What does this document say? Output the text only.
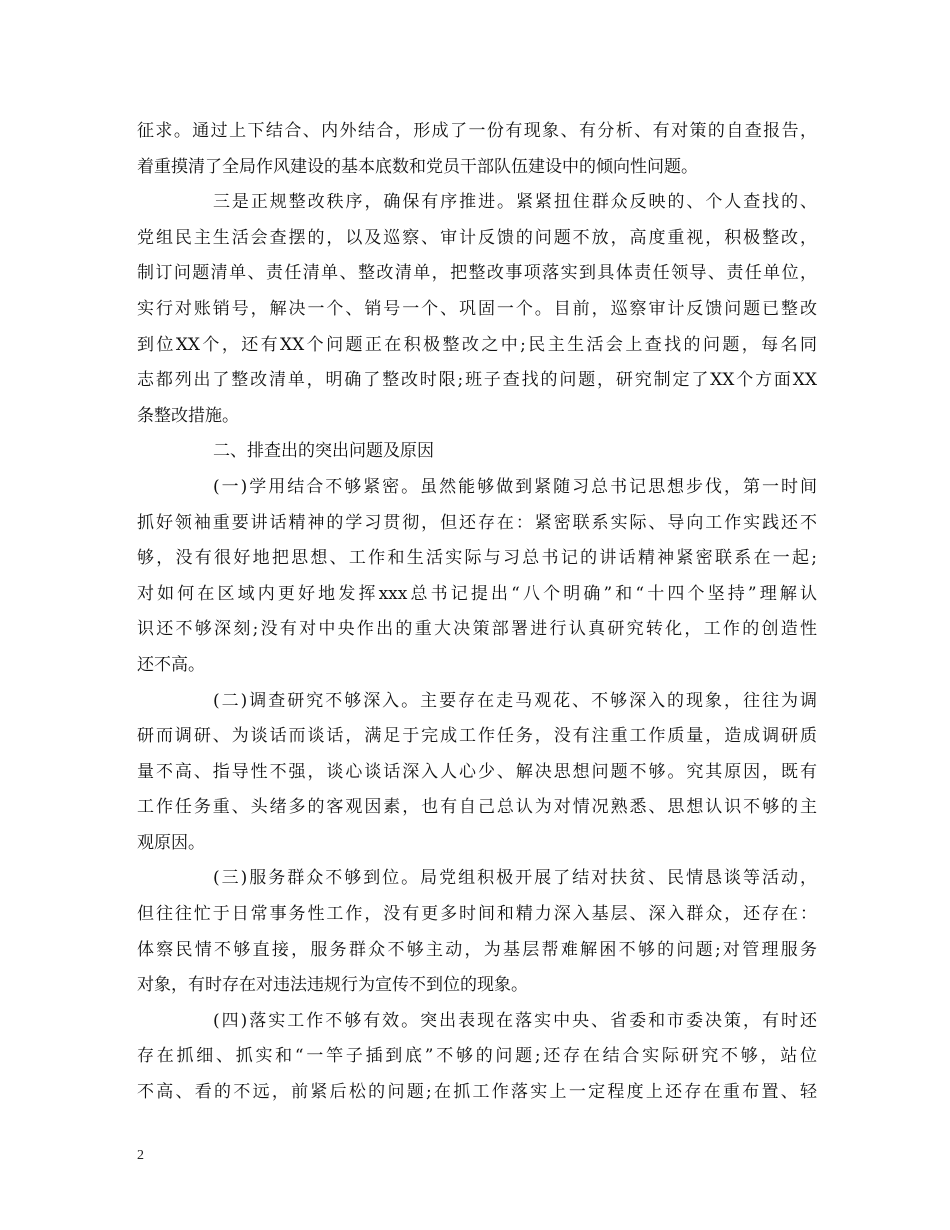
征求。通过上下结合、内外结合，形成了一份有现象、有分析、有对策的自查报告，
着重摸清了全局作风建设的基本底数和党员干部队伍建设中的倾向性问题。
三是正规整改秩序，确保有序推进。紧紧扭住群众反映的、个人查找的、
党组民主生活会查摆的，以及巡察、审计反馈的问题不放，高度重视，积极整改，
制订问题清单、责任清单、整改清单，把整改事项落实到具体责任领导、责任单位，
实行对账销号，解决一个、销号一个、巩固一个。目前，巡察审计反馈问题已整改
到位XX个，还有XX个问题正在积极整改之中;民主生活会上查找的问题，每名同
志都列出了整改清单，明确了整改时限;班子查找的问题，研究制定了XX个方面XX
条整改措施。
二、排查出的突出问题及原因
(一)学用结合不够紧密。虽然能够做到紧随习总书记思想步伐，第一时间
抓好领袖重要讲话精神的学习贯彻，但还存在：紧密联系实际、导向工作实践还不
够，没有很好地把思想、工作和生活实际与习总书记的讲话精神紧密联系在一起;
对如何在区域内更好地发挥xxx总书记提出“八个明确”和“十四个坚持”理解认
识还不够深刻;没有对中央作出的重大决策部署进行认真研究转化，工作的创造性
还不高。
(二)调查研究不够深入。主要存在走马观花、不够深入的现象，往往为调
研而调研、为谈话而谈话，满足于完成工作任务，没有注重工作质量，造成调研质
量不高、指导性不强，谈心谈话深入人心少、解决思想问题不够。究其原因，既有
工作任务重、头绪多的客观因素，也有自己总认为对情况熟悉、思想认识不够的主
观原因。
(三)服务群众不够到位。局党组积极开展了结对扶贫、民情恳谈等活动，
但往往忙于日常事务性工作，没有更多时间和精力深入基层、深入群众，还存在：
体察民情不够直接，服务群众不够主动，为基层帮难解困不够的问题;对管理服务
对象，有时存在对违法违规行为宣传不到位的现象。
(四)落实工作不够有效。突出表现在落实中央、省委和市委决策，有时还
存在抓细、抓实和“一竿子插到底”不够的问题;还存在结合实际研究不够，站位
不高、看的不远，前紧后松的问题;在抓工作落实上一定程度上还存在重布置、轻
2
